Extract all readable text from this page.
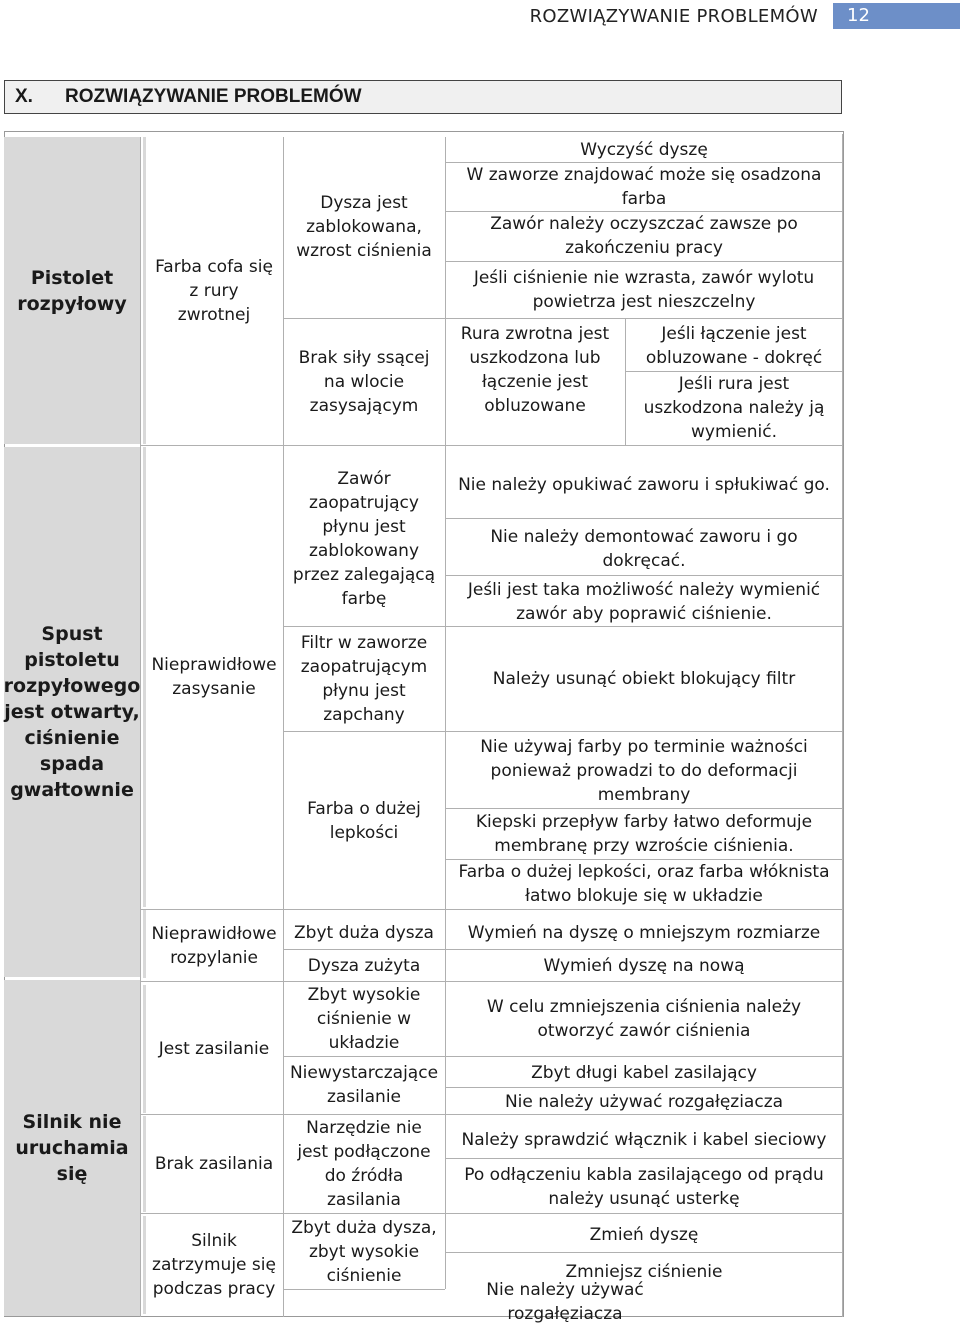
ROZWIĄZYWANIE PROBLEMÓW	12
X. ROZWIĄZYWANIE PROBLEMÓW
Pistolet rozpyłowy
Spust pistoletu rozpyłowego jest otwarty, ciśnienie spada gwałtownie
Silnik nie uruchamia się
Farba cofa się z rury zwrotnej
Nieprawidłowe zasysanie
Nieprawidłowe rozpylanie
Jest zasilanie
Brak zasilania
Silnik zatrzymuje się podczas pracy
Dysza jest zablokowana, wzrost ciśnienia
Brak siły ssącej na wlocie zasysającym
Zawór zaopatrujący płynu jest zablokowany przez zalegającą farbę
Filtr w zaworze zaopatrującym płynu jest zapchany
Farba o dużej lepkości
Zbyt duża dysza
Dysza zużyta
Zbyt wysokie ciśnienie w układzie
Niewystarczające zasilanie
Narzędzie nie jest podłączone do źródła zasilania
Zbyt duża dysza, zbyt wysokie ciśnienie
Wyczyść dyszę
W zaworze znajdować może się osadzona farba
Zawór należy oczyszczać zawsze po zakończeniu pracy
Jeśli ciśnienie nie wzrasta, zawór wylotu powietrza jest nieszczelny
Rura zwrotna jest uszkodzona lub łączenie jest obluzowane
Jeśli łączenie jest obluzowane - dokręć
Jeśli rura jest uszkodzona należy ją wymienić.
Nie należy opukiwać zaworu i spłukiwać go.
Nie należy demontować zaworu i go dokręcać.
Jeśli jest taka możliwość należy wymienić zawór aby poprawić ciśnienie.
Należy usunąć obiekt blokujący filtr
Nie używaj farby po terminie ważności ponieważ prowadzi to do deformacji membrany
Kiepski przepływ farby łatwo deformuje membranę przy wzroście ciśnienia.
Farba o dużej lepkości, oraz farba włóknista łatwo blokuje się w układzie
Wymień na dyszę o mniejszym rozmiarze
Wymień dyszę na nową
W celu zmniejszenia ciśnienia należy otworzyć zawór ciśnienia
Zbyt długi kabel zasilający
Nie należy używać rozgałęziacza
Należy sprawdzić włącznik i kabel sieciowy
Po odłączeniu kabla zasilającego od prądu należy usunąć usterkę
Zmień dyszę
Zmniejsz ciśnienie
Nie należy używać rozgałęziacza
